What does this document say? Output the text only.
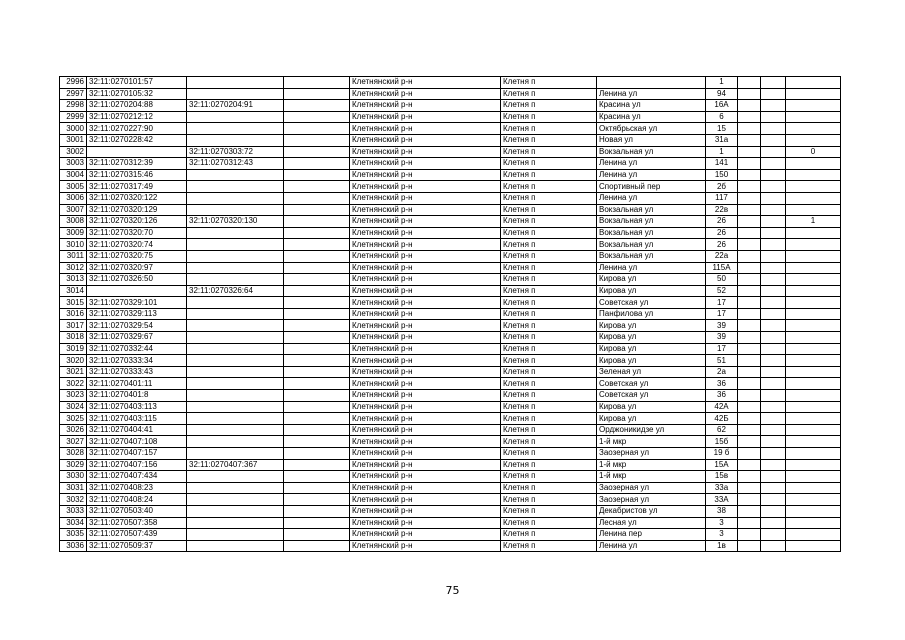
2996	32:11:0270101:57			Клетнянский р-н	Клетня п		1			
2997	32:11:0270105:32			Клетнянский р-н	Клетня п	Ленина ул	94			
2998	32:11:0270204:88	32:11:0270204:91		Клетнянский р-н	Клетня п	Красина ул	16А			
2999	32:11:0270212:12			Клетнянский р-н	Клетня п	Красина ул	6			
3000	32:11:0270227:90			Клетнянский р-н	Клетня п	Октябрьская ул	15			
3001	32:11:0270228:42			Клетнянский р-н	Клетня п	Новая ул	31а			
3002		32:11:0270303:72		Клетнянский р-н	Клетня п	Вокзальная ул	1			0
3003	32:11:0270312:39	32:11:0270312:43		Клетнянский р-н	Клетня п	Ленина ул	141			
3004	32:11:0270315:46			Клетнянский р-н	Клетня п	Ленина ул	150			
3005	32:11:0270317:49			Клетнянский р-н	Клетня п	Спортивный пер	2б			
3006	32:11:0270320:122			Клетнянский р-н	Клетня п	Ленина ул	117			
3007	32:11:0270320:129			Клетнянский р-н	Клетня п	Вокзальная ул	22в			
3008	32:11:0270320:126	32:11:0270320:130		Клетнянский р-н	Клетня п	Вокзальная ул	26			1
3009	32:11:0270320:70			Клетнянский р-н	Клетня п	Вокзальная ул	26			
3010	32:11:0270320:74			Клетнянский р-н	Клетня п	Вокзальная ул	26			
3011	32:11:0270320:75			Клетнянский р-н	Клетня п	Вокзальная ул	22а			
3012	32:11:0270320:97			Клетнянский р-н	Клетня п	Ленина ул	115А			
3013	32:11:0270326:50			Клетнянский р-н	Клетня п	Кирова ул	50			
3014		32:11:0270326:64		Клетнянский р-н	Клетня п	Кирова ул	52			
3015	32:11:0270329:101			Клетнянский р-н	Клетня п	Советская ул	17			
3016	32:11:0270329:113			Клетнянский р-н	Клетня п	Панфилова ул	17			
3017	32:11:0270329:54			Клетнянский р-н	Клетня п	Кирова ул	39			
3018	32:11:0270329:67			Клетнянский р-н	Клетня п	Кирова ул	39			
3019	32:11:0270332:44			Клетнянский р-н	Клетня п	Кирова ул	17			
3020	32:11:0270333:34			Клетнянский р-н	Клетня п	Кирова ул	51			
3021	32:11:0270333:43			Клетнянский р-н	Клетня п	Зеленая ул	2а			
3022	32:11:0270401:11			Клетнянский р-н	Клетня п	Советская ул	36			
3023	32:11:0270401:8			Клетнянский р-н	Клетня п	Советская ул	36			
3024	32:11:0270403:113			Клетнянский р-н	Клетня п	Кирова ул	42А			
3025	32:11:0270403:115			Клетнянский р-н	Клетня п	Кирова ул	42Б			
3026	32:11:0270404:41			Клетнянский р-н	Клетня п	Орджоникидзе ул	62			
3027	32:11:0270407:108			Клетнянский р-н	Клетня п	1-й мкр	15б			
3028	32:11:0270407:157			Клетнянский р-н	Клетня п	Заозерная ул	19 б			
3029	32:11:0270407:156	32:11:0270407:367		Клетнянский р-н	Клетня п	1-й мкр	15А			
3030	32:11:0270407:434			Клетнянский р-н	Клетня п	1-й мкр	15в			
3031	32:11:0270408:23			Клетнянский р-н	Клетня п	Заозерная ул	33а			
3032	32:11:0270408:24			Клетнянский р-н	Клетня п	Заозерная ул	33А			
3033	32:11:0270503:40			Клетнянский р-н	Клетня п	Декабристов ул	38			
3034	32:11:0270507:358			Клетнянский р-н	Клетня п	Лесная ул	3			
3035	32:11:0270507:439			Клетнянский р-н	Клетня п	Ленина пер	3			
3036	32:11:0270509:37			Клетнянский р-н	Клетня п	Ленина ул	1в			
75
